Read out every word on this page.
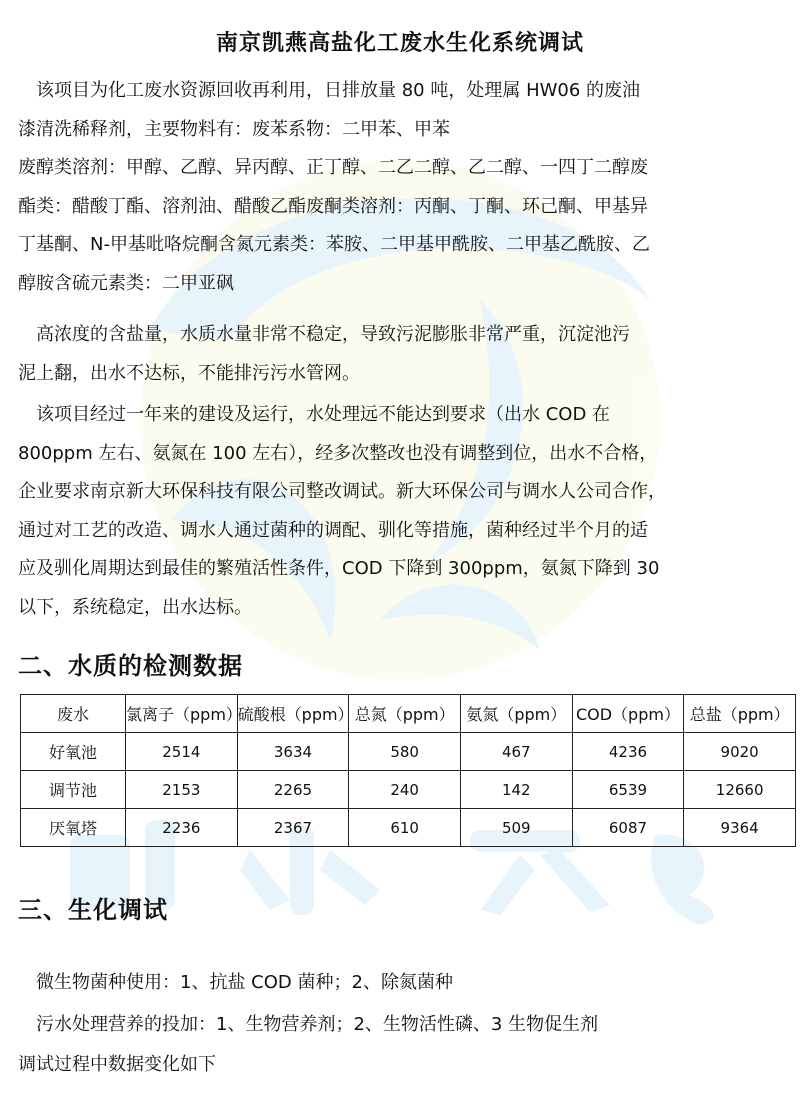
南京凯燕高盐化工废水生化系统调试
　该项目为化工废水资源回收再利用，日排放量 80 吨，处理属 HW06 的废油
漆清洗稀释剂，主要物料有：废苯系物：二甲苯、甲苯
废醇类溶剂：甲醇、乙醇、异丙醇、正丁醇、二乙二醇、乙二醇、一四丁二醇废
酯类：醋酸丁酯、溶剂油、醋酸乙酯废酮类溶剂：丙酮、丁酮、环己酮、甲基异
丁基酮、N-甲基吡咯烷酮含氮元素类：苯胺、二甲基甲酰胺、二甲基乙酰胺、乙
醇胺含硫元素类：二甲亚砜
　高浓度的含盐量，水质水量非常不稳定，导致污泥膨胀非常严重，沉淀池污
泥上翻，出水不达标，不能排污污水管网。
　该项目经过一年来的建设及运行，水处理远不能达到要求（出水 COD 在
800ppm 左右、氨氮在 100 左右），经多次整改也没有调整到位，出水不合格，
企业要求南京新大环保科技有限公司整改调试。新大环保公司与调水人公司合作，
通过对工艺的改造、调水人通过菌种的调配、驯化等措施，菌种经过半个月的适
应及驯化周期达到最佳的繁殖活性条件，COD 下降到 300ppm，氨氮下降到 30
以下，系统稳定，出水达标。
二、水质的检测数据
废水	氯离子（ppm）	硫酸根（ppm）	总氮（ppm）	氨氮（ppm）	COD（ppm）	总盐（ppm）
好氧池	2514	3634	580	467	4236	9020
调节池	2153	2265	240	142	6539	12660
厌氧塔	2236	2367	610	509	6087	9364
三、生化调试

微生物菌种使用：1、抗盐 COD 菌种；2、除氮菌种

污水处理营养的投加：1、生物营养剂；2、生物活性磷、3 生物促生剂

调试过程中数据变化如下
